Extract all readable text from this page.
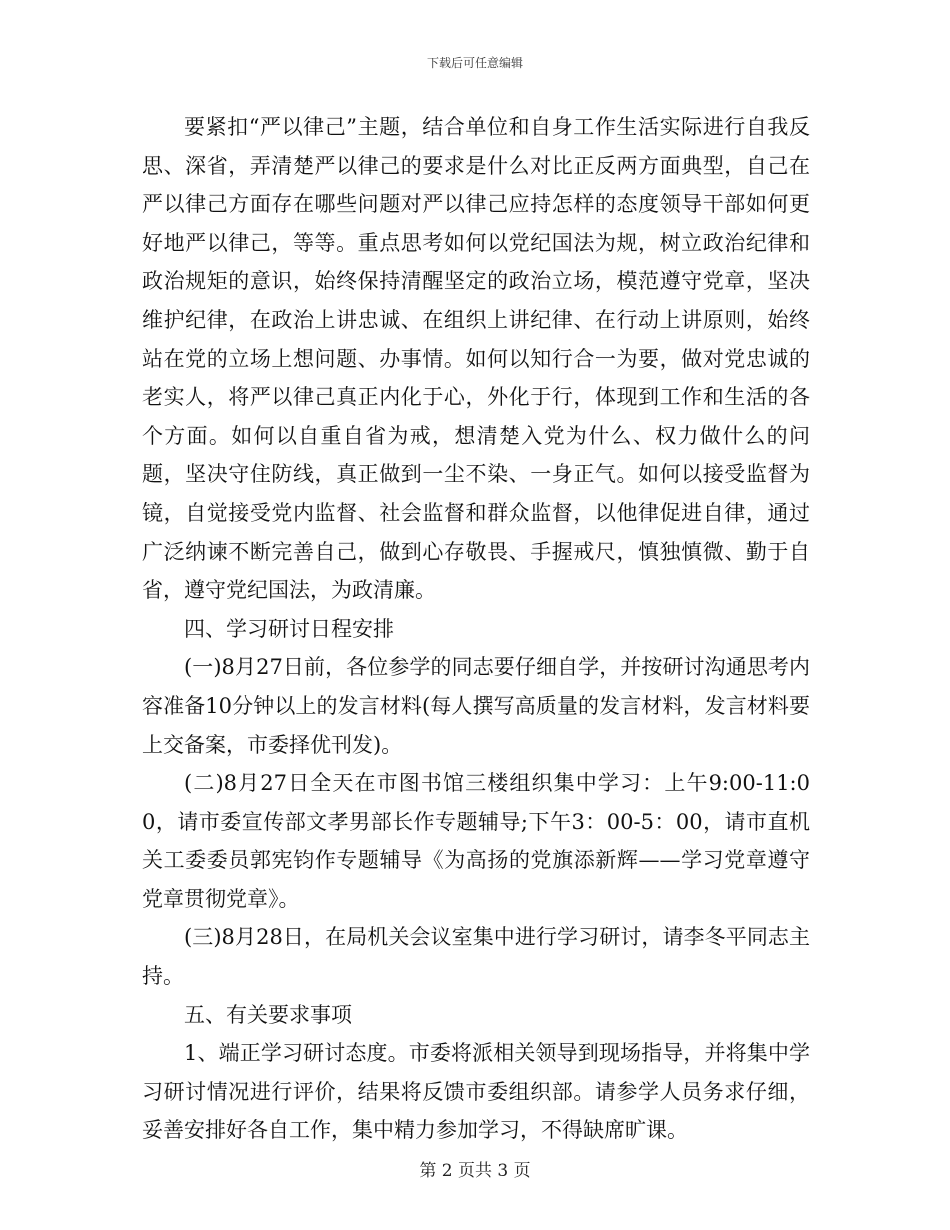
下载后可任意编辑

要紧扣“严以律己”主题，结合单位和自身工作生活实际进行自我反思、深省，弄清楚严以律己的要求是什么对比正反两方面典型，自己在严以律己方面存在哪些问题对严以律己应持怎样的态度领导干部如何更好地严以律己，等等。重点思考如何以党纪国法为规，树立政治纪律和政治规矩的意识，始终保持清醒坚定的政治立场，模范遵守党章，坚决维护纪律，在政治上讲忠诚、在组织上讲纪律、在行动上讲原则，始终站在党的立场上想问题、办事情。如何以知行合一为要，做对党忠诚的老实人，将严以律己真正内化于心，外化于行，体现到工作和生活的各个方面。如何以自重自省为戒，想清楚入党为什么、权力做什么的问题，坚决守住防线，真正做到一尘不染、一身正气。如何以接受监督为镜，自觉接受党内监督、社会监督和群众监督，以他律促进自律，通过广泛纳谏不断完善自己，做到心存敬畏、手握戒尺，慎独慎微、勤于自省，遵守党纪国法，为政清廉。

四、学习研讨日程安排

(一)8月27日前，各位参学的同志要仔细自学，并按研讨沟通思考内容准备10分钟以上的发言材料(每人撰写高质量的发言材料，发言材料要上交备案，市委择优刊发)。

(二)8月27日全天在市图书馆三楼组织集中学习：上午9:00-11:00，请市委宣传部文孝男部长作专题辅导;下午3：00-5：00，请市直机关工委委员郭宪钧作专题辅导《为高扬的党旗添新辉——学习党章遵守党章贯彻党章》。

(三)8月28日，在局机关会议室集中进行学习研讨，请李冬平同志主持。

五、有关要求事项

1、端正学习研讨态度。市委将派相关领导到现场指导，并将集中学习研讨情况进行评价，结果将反馈市委组织部。请参学人员务求仔细，妥善安排好各自工作，集中精力参加学习，不得缺席旷课。

第 2 页共 3 页
